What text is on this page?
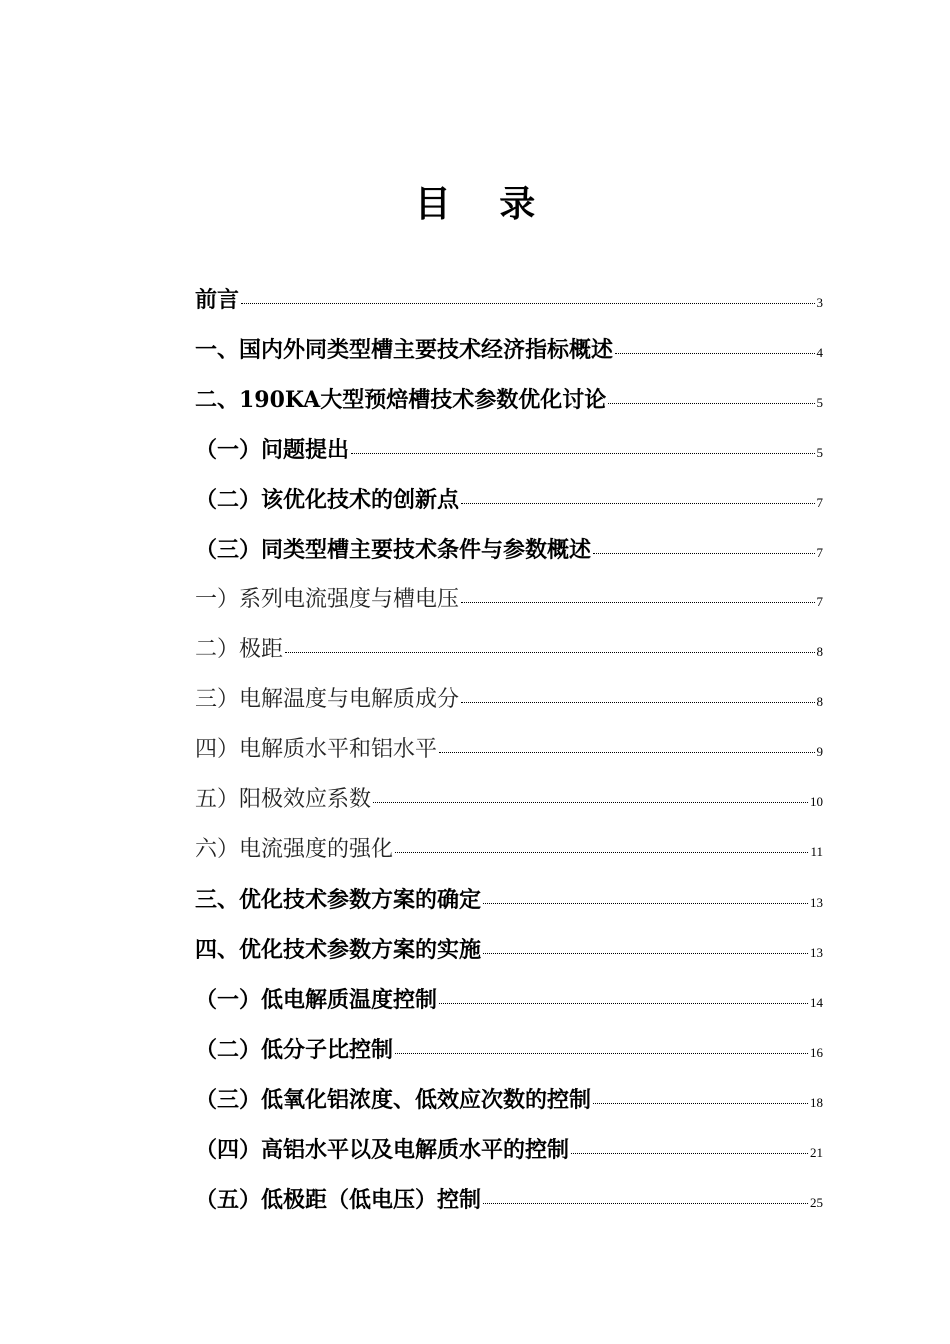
目 录
前言	3
一、国内外同类型槽主要技术经济指标概述	4
二、190KA大型预焙槽技术参数优化讨论	5
（一）问题提出	5
（二）该优化技术的创新点	7
（三）同类型槽主要技术条件与参数概述	7
一）系列电流强度与槽电压	7
二）极距	8
三）电解温度与电解质成分	8
四）电解质水平和铝水平	9
五）阳极效应系数	10
六）电流强度的强化	11
三、优化技术参数方案的确定	13
四、优化技术参数方案的实施	13
（一）低电解质温度控制	14
（二）低分子比控制	16
（三）低氧化铝浓度、低效应次数的控制	18
（四）高铝水平以及电解质水平的控制	21
（五）低极距（低电压）控制	25
